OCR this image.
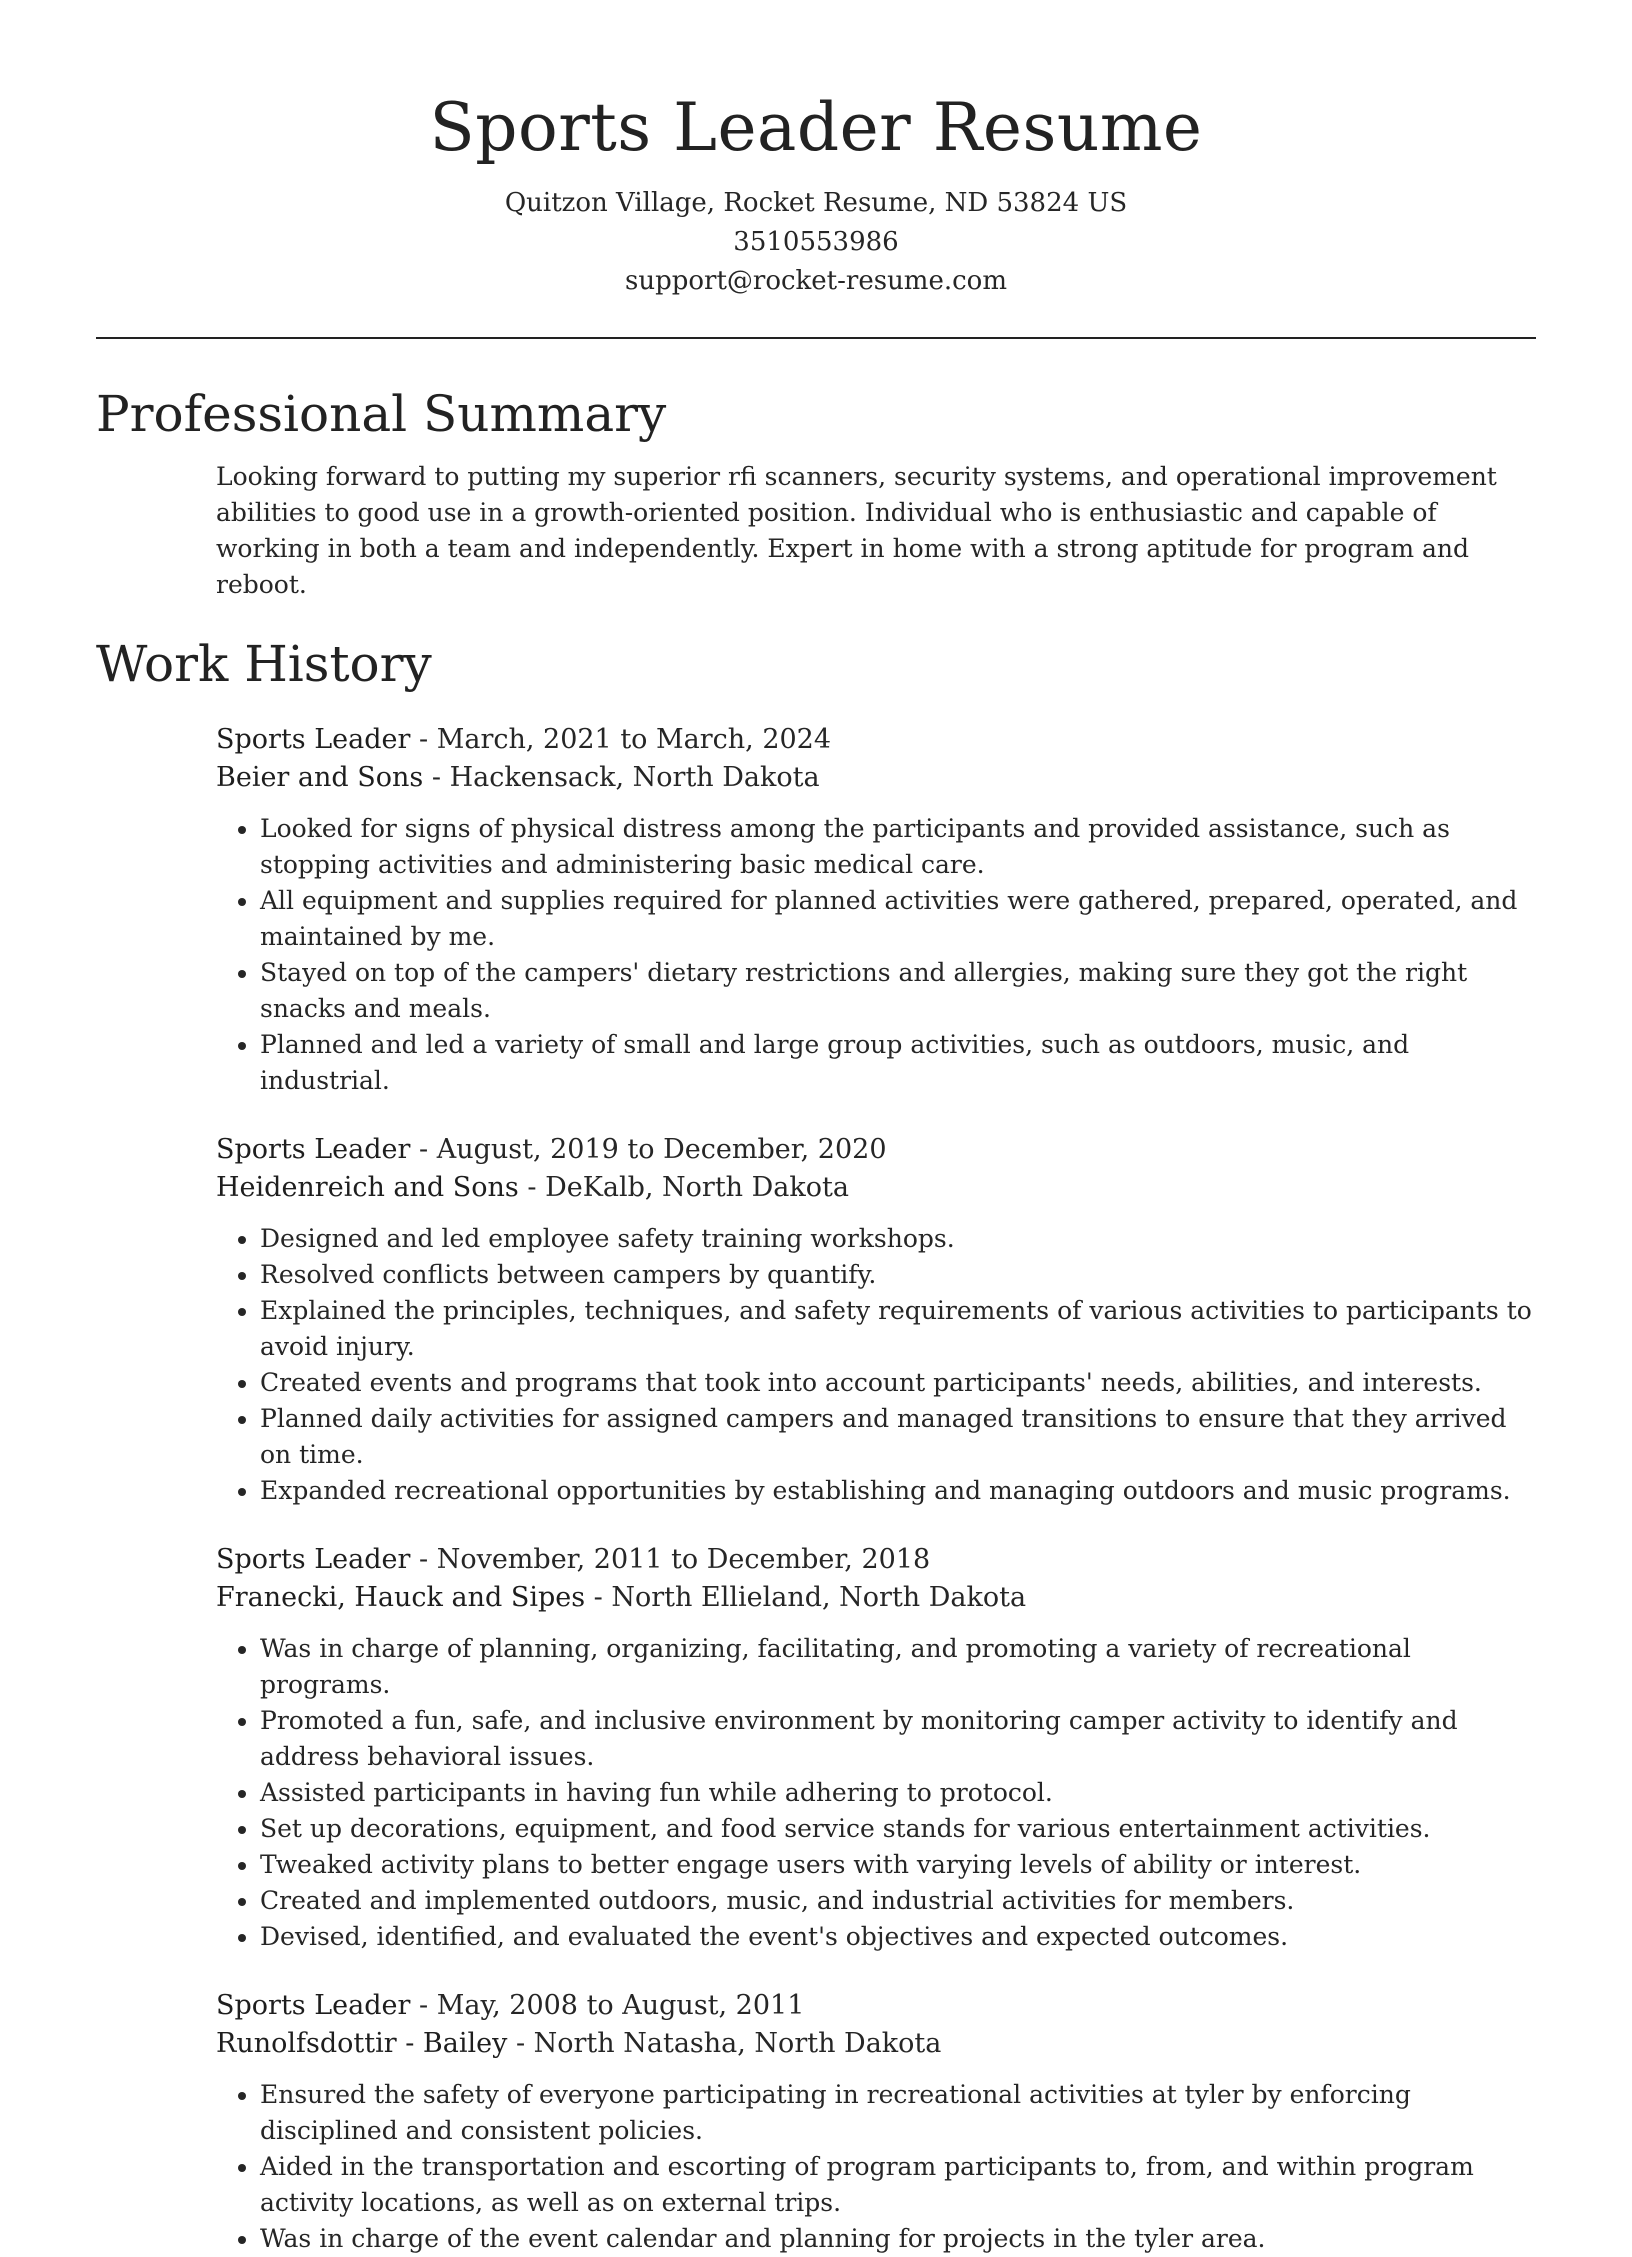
Sports Leader Resume
Quitzon Village, Rocket Resume, ND 53824 US
3510553986
support@rocket-resume.com
Professional Summary

Looking forward to putting my superior rfi scanners, security systems, and operational improvement abilities to good use in a growth-oriented position. Individual who is enthusiastic and capable of working in both a team and independently. Expert in home with a strong aptitude for program and reboot.

Work History
Sports Leader - March, 2021 to March, 2024
Beier and Sons - Hackensack, North Dakota
• Looked for signs of physical distress among the participants and provided assistance, such as stopping activities and administering basic medical care.
• All equipment and supplies required for planned activities were gathered, prepared, operated, and maintained by me.
• Stayed on top of the campers' dietary restrictions and allergies, making sure they got the right snacks and meals.
• Planned and led a variety of small and large group activities, such as outdoors, music, and industrial.
Sports Leader - August, 2019 to December, 2020
Heidenreich and Sons - DeKalb, North Dakota
• Designed and led employee safety training workshops.
• Resolved conflicts between campers by quantify.
• Explained the principles, techniques, and safety requirements of various activities to participants to avoid injury.
• Created events and programs that took into account participants' needs, abilities, and interests.
• Planned daily activities for assigned campers and managed transitions to ensure that they arrived on time.
• Expanded recreational opportunities by establishing and managing outdoors and music programs.
Sports Leader - November, 2011 to December, 2018
Franecki, Hauck and Sipes - North Ellieland, North Dakota
• Was in charge of planning, organizing, facilitating, and promoting a variety of recreational programs.
• Promoted a fun, safe, and inclusive environment by monitoring camper activity to identify and address behavioral issues.
• Assisted participants in having fun while adhering to protocol.
• Set up decorations, equipment, and food service stands for various entertainment activities.
• Tweaked activity plans to better engage users with varying levels of ability or interest.
• Created and implemented outdoors, music, and industrial activities for members.
• Devised, identified, and evaluated the event's objectives and expected outcomes.
Sports Leader - May, 2008 to August, 2011
Runolfsdottir - Bailey - North Natasha, North Dakota
• Ensured the safety of everyone participating in recreational activities at tyler by enforcing disciplined and consistent policies.
• Aided in the transportation and escorting of program participants to, from, and within program activity locations, as well as on external trips.
• Was in charge of the event calendar and planning for projects in the tyler area.
